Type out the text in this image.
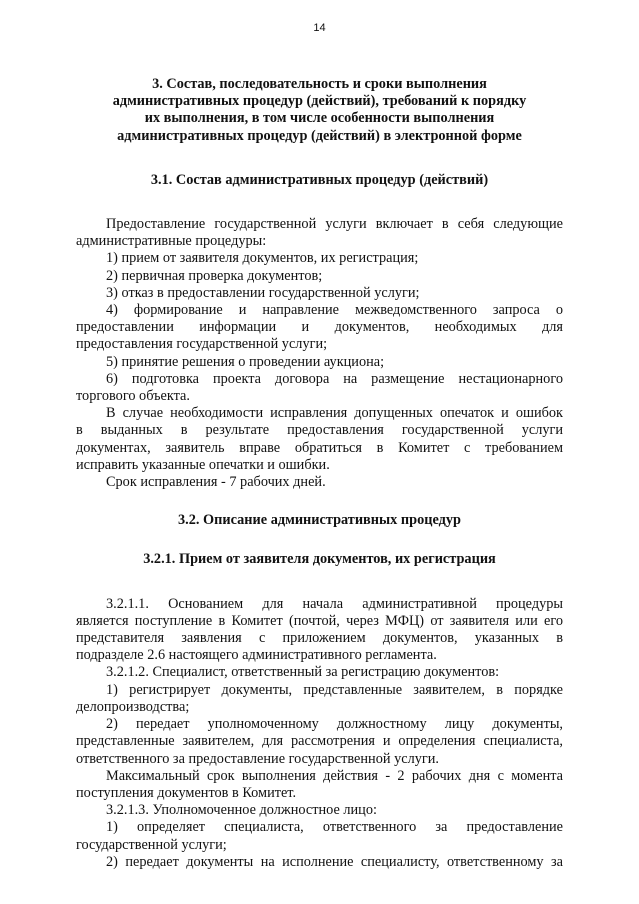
14
3. Состав, последовательность и сроки выполнения
административных процедур (действий), требований к порядку
их выполнения, в том числе особенности выполнения
административных процедур (действий) в электронной форме
3.1. Состав административных процедур (действий)
Предоставление государственной услуги включает в себя следующие
административные процедуры:

1) прием от заявителя документов, их регистрация;

2) первичная проверка документов;

3) отказ в предоставлении государственной услуги;

4) формирование и направление межведомственного запроса о
предоставлении информации и документов, необходимых для
предоставления государственной услуги;

5) принятие решения о проведении аукциона;

6) подготовка проекта договора на размещение нестационарного
торгового объекта.
В случае необходимости исправления допущенных опечаток и ошибок
в выданных в результате предоставления государственной услуги
документах, заявитель вправе обратиться в Комитет с требованием
исправить указанные опечатки и ошибки.

Срок исправления - 7 рабочих дней.

3.2. Описание административных процедур
3.2.1. Прием от заявителя документов, их регистрация
3.2.1.1. Основанием для начала административной процедуры
является поступление в Комитет (почтой, через МФЦ) от заявителя или его
представителя заявления с приложением документов, указанных в
подразделе 2.6 настоящего административного регламента.

3.2.1.2. Специалист, ответственный за регистрацию документов:

1) регистрирует документы, представленные заявителем, в порядке
делопроизводства;
2) передает уполномоченному должностному лицу документы,
представленные заявителем, для рассмотрения и определения специалиста,
ответственного за предоставление государственной услуги.
Максимальный срок выполнения действия - 2 рабочих дня с момента
поступления документов в Комитет.

3.2.1.3. Уполномоченное должностное лицо:

1) определяет специалиста, ответственного за предоставление
государственной услуги;
2) передает документы на исполнение специалисту, ответственному за
